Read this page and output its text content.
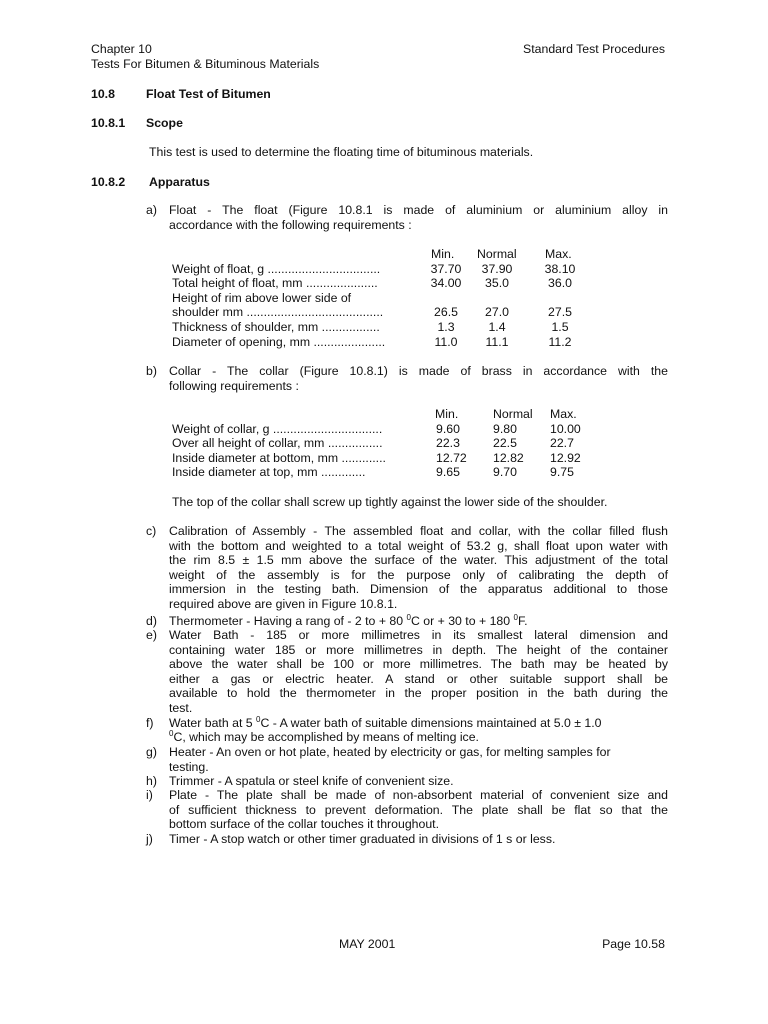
Chapter 10
Tests For Bitumen & Bituminous Materials
Standard Test Procedures
10.8	Float Test of Bitumen
10.8.1 Scope
This test is used to determine the floating time of bituminous materials.
10.8.2 Apparatus
a) Float - The float (Figure 10.8.1 is made of aluminium or aluminium alloy in
accordance with the following requirements :
Min. Normal Max.
Weight of float, g .................................	37.70	37.90	38.10
Total height of float, mm .....................	34.00	35.0	36.0
Height of rim above lower side of
shoulder mm ........................................	26.5	27.0	27.5
Thickness of shoulder, mm .................	1.3	1.4	1.5
Diameter of opening, mm .....................	11.0	11.1	11.2
b) Collar - The collar (Figure 10.8.1) is made of brass in accordance with the
following requirements :
Min.	Normal Max.
Weight of collar, g ................................	9.60	9.80	10.00
Over all height of collar, mm ................	22.3	22.5	22.7
Inside diameter at bottom, mm .............	12.72 12.82 12.92
Inside diameter at top, mm .............	9.65	9.70	9.75
The top of the collar shall screw up tightly against the lower side of the shoulder.
c) Calibration of Assembly - The assembled float and collar, with the collar filled flush
with the bottom and weighted to a total weight of 53.2 g, shall float upon water with
the rim 8.5 ± 1.5 mm above the surface of the water. This adjustment of the total
weight of the assembly is for the purpose only of calibrating the depth of
immersion in the testing bath. Dimension of the apparatus additional to those
required above are given in Figure 10.8.1.
d) Thermometer - Having a rang of - 2 to + 80 $^0$C or + 30 to + 180 $^0$F.
e) Water Bath - 185 or more millimetres in its smallest lateral dimension and
containing water 185 or more millimetres in depth. The height of the container
above the water shall be 100 or more millimetres. The bath may be heated by
either a gas or electric heater. A stand or other suitable support shall be
available to hold the thermometer in the proper position in the bath during the
test.
f) Water bath at 5 $^0$C - A water bath of suitable dimensions maintained at 5.0 ± 1.0
$^0$C, which may be accomplished by means of melting ice.
g) Heater - An oven or hot plate, heated by electricity or gas, for melting samples for
testing.
h) Trimmer - A spatula or steel knife of convenient size.
i) Plate - The plate shall be made of non-absorbent material of convenient size and
of sufficient thickness to prevent deformation. The plate shall be flat so that the
bottom surface of the collar touches it throughout.
j) Timer - A stop watch or other timer graduated in divisions of 1 s or less.
MAY 2001	Page 10.58
